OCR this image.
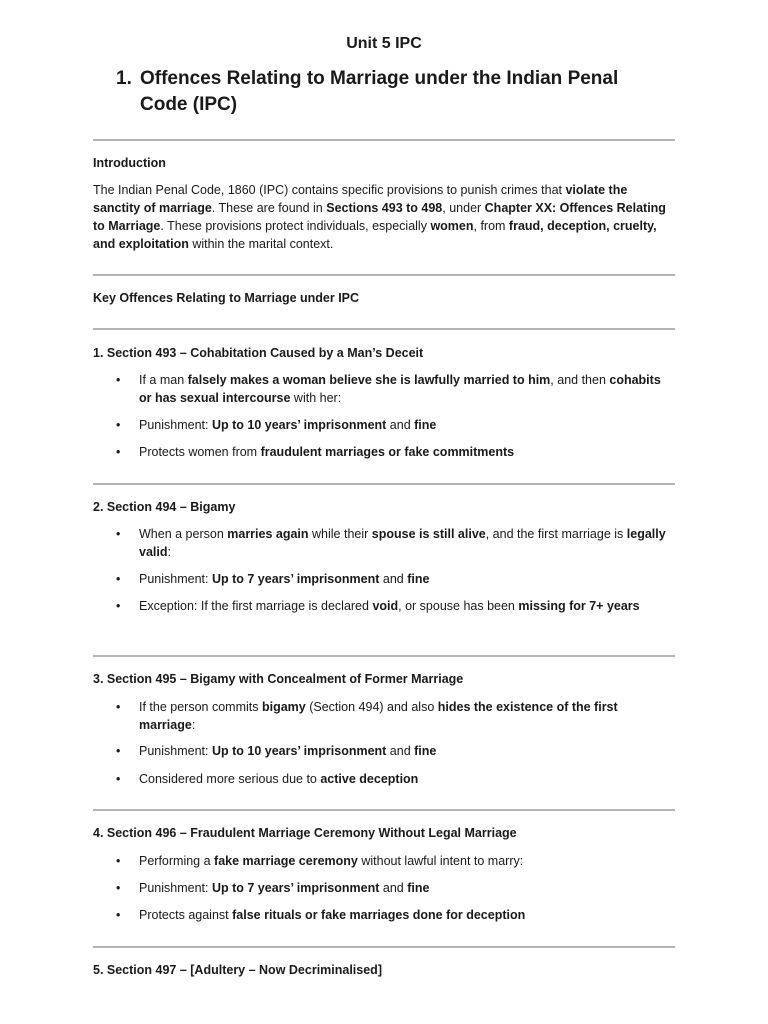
Unit 5 IPC
1. Offences Relating to Marriage under the Indian Penal Code (IPC)
Introduction
The Indian Penal Code, 1860 (IPC) contains specific provisions to punish crimes that violate the sanctity of marriage. These are found in Sections 493 to 498, under Chapter XX: Offences Relating to Marriage. These provisions protect individuals, especially women, from fraud, deception, cruelty, and exploitation within the marital context.
Key Offences Relating to Marriage under IPC
1. Section 493 – Cohabitation Caused by a Man’s Deceit
• If a man falsely makes a woman believe she is lawfully married to him, and then cohabits or has sexual intercourse with her:
• Punishment: Up to 10 years’ imprisonment and fine
• Protects women from fraudulent marriages or fake commitments
2. Section 494 – Bigamy
• When a person marries again while their spouse is still alive, and the first marriage is legally valid:
• Punishment: Up to 7 years’ imprisonment and fine
• Exception: If the first marriage is declared void, or spouse has been missing for 7+ years
3. Section 495 – Bigamy with Concealment of Former Marriage
• If the person commits bigamy (Section 494) and also hides the existence of the first marriage:
• Punishment: Up to 10 years’ imprisonment and fine
• Considered more serious due to active deception
4. Section 496 – Fraudulent Marriage Ceremony Without Legal Marriage
• Performing a fake marriage ceremony without lawful intent to marry:
• Punishment: Up to 7 years’ imprisonment and fine
• Protects against false rituals or fake marriages done for deception
5. Section 497 – [Adultery – Now Decriminalised]
